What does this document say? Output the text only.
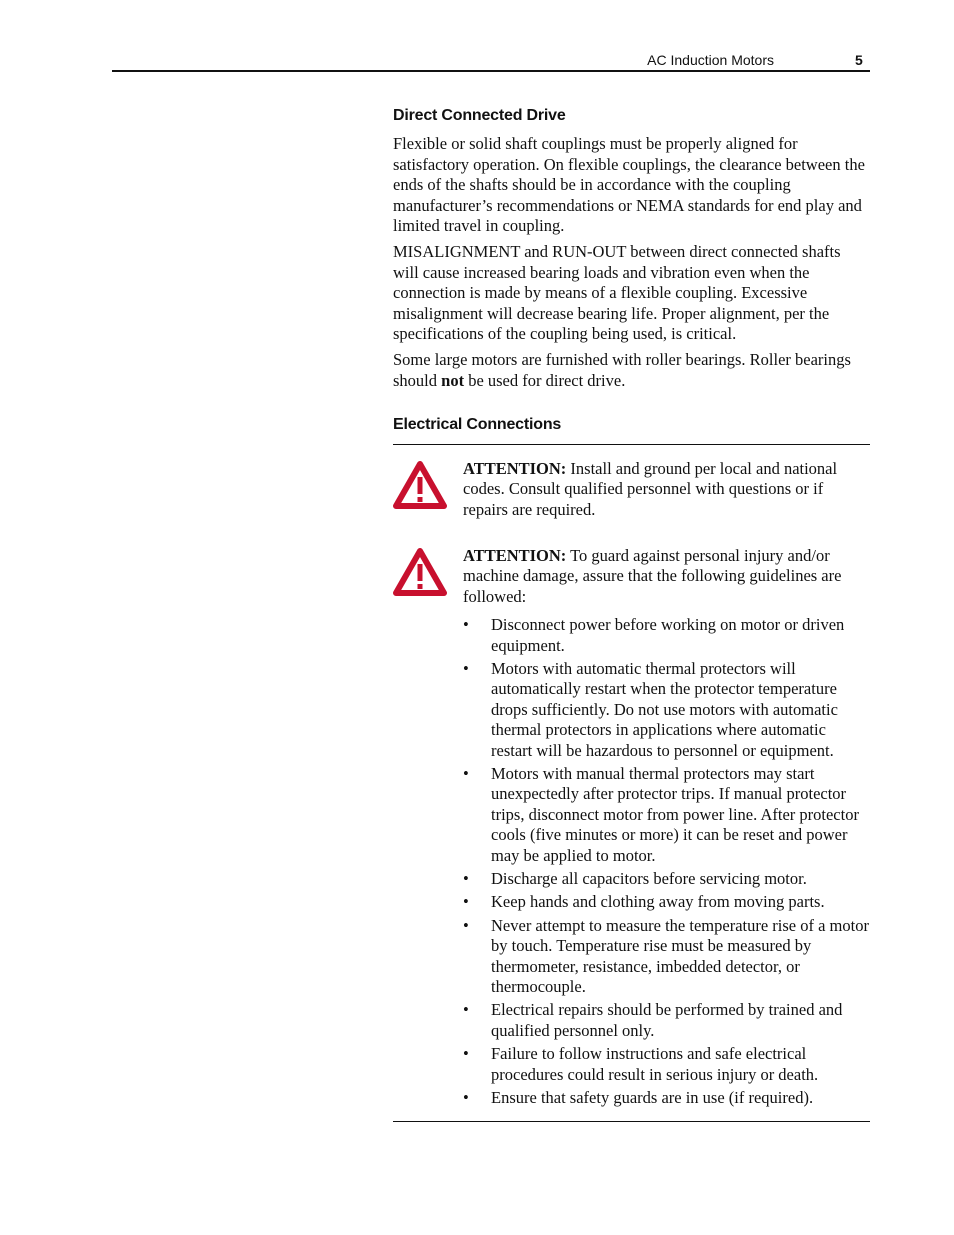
AC Induction Motors	5
Direct Connected Drive

Flexible or solid shaft couplings must be properly aligned for satisfactory operation. On flexible couplings, the clearance between the ends of the shafts should be in accordance with the coupling manufacturer’s recommendations or NEMA standards for end play and limited travel in coupling.

MISALIGNMENT and RUN-OUT between direct connected shafts will cause increased bearing loads and vibration even when the connection is made by means of a flexible coupling. Excessive misalignment will decrease bearing life. Proper alignment, per the specifications of the coupling being used, is critical.

Some large motors are furnished with roller bearings. Roller bearings should not be used for direct drive.

Electrical Connections
ATTENTION: Install and ground per local and national codes. Consult qualified personnel with questions or if repairs are required.
ATTENTION: To guard against personal injury and/or machine damage, assure that the following guidelines are followed:
• Disconnect power before working on motor or driven equipment.
• Motors with automatic thermal protectors will automatically restart when the protector temperature drops sufficiently. Do not use motors with automatic thermal protectors in applications where automatic restart will be hazardous to personnel or equipment.
• Motors with manual thermal protectors may start unexpectedly after protector trips. If manual protector trips, disconnect motor from power line. After protector cools (five minutes or more) it can be reset and power may be applied to motor.
• Discharge all capacitors before servicing motor.
• Keep hands and clothing away from moving parts.
• Never attempt to measure the temperature rise of a motor by touch. Temperature rise must be measured by thermometer, resistance, imbedded detector, or thermocouple.
• Electrical repairs should be performed by trained and qualified personnel only.
• Failure to follow instructions and safe electrical procedures could result in serious injury or death.
• Ensure that safety guards are in use (if required).
